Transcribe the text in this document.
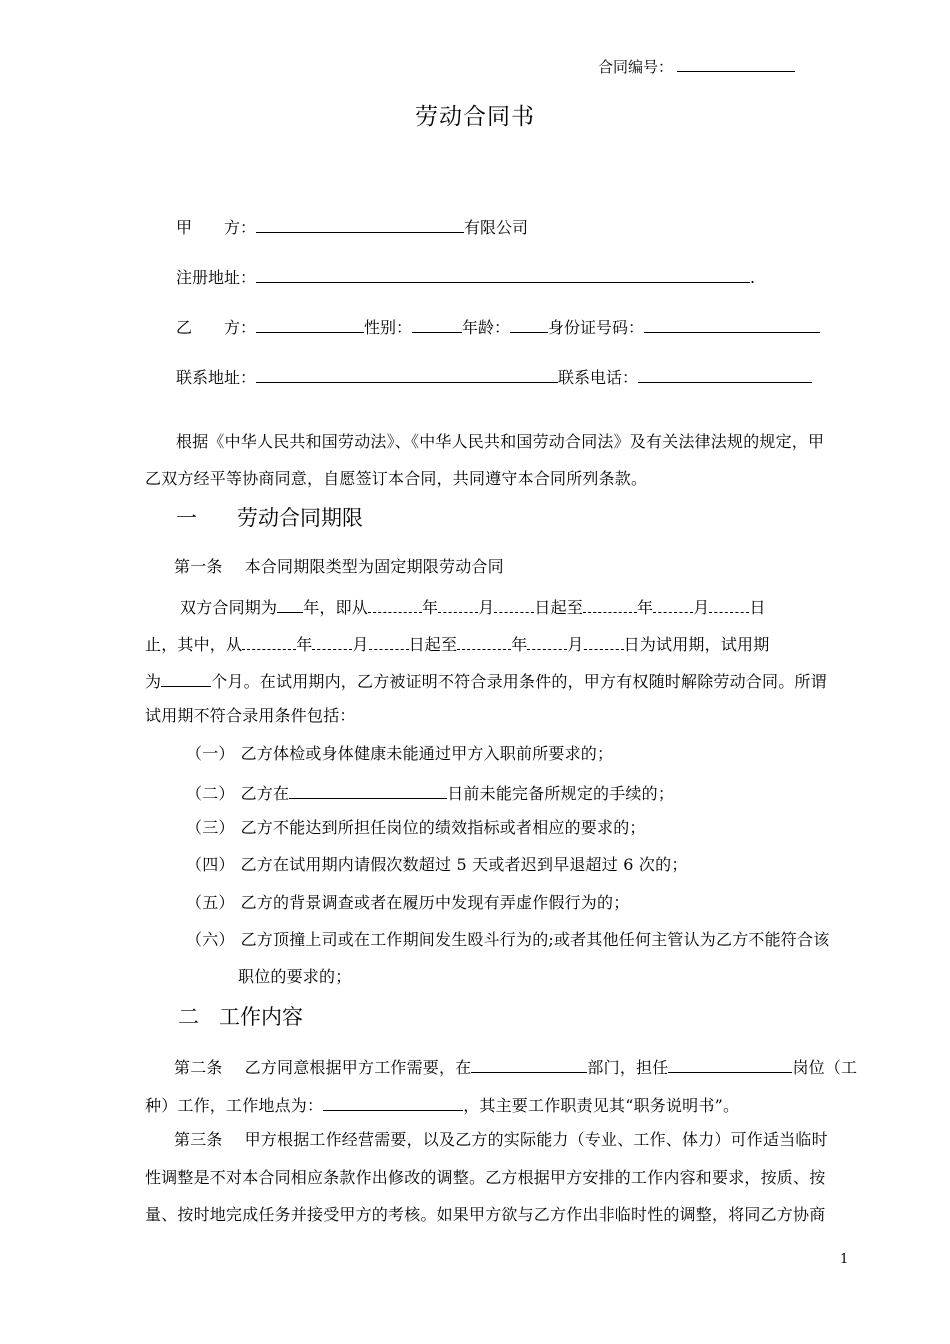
合同编号：
劳动合同书
甲　　方：	有限公司
注册地址：	.
乙　　方：	性别：	年龄： 身份证号码：
联系地址：	联系电话：
根据《中华人民共和国劳动法》、《中华人民共和国劳动合同法》及有关法律法规的规定，甲
乙双方经平等协商同意，自愿签订本合同，共同遵守本合同所列条款。
一 劳动合同期限
第一条 本合同期限类型为固定期限劳动合同
双方合同期为 年，即从	年	月	日起至	年	月	日
止，其中，从	年	月	日起至	年	月	日为试用期，试用期
为	个月。在试用期内，乙方被证明不符合录用条件的，甲方有权随时解除劳动合同。所谓
试用期不符合录用条件包括：
（一） 乙方体检或身体健康未能通过甲方入职前所要求的；
（二） 乙方在	日前未能完备所规定的手续的；
（三） 乙方不能达到所担任岗位的绩效指标或者相应的要求的；
（四） 乙方在试用期内请假次数超过 5 天或者迟到早退超过 6 次的；
（五） 乙方的背景调查或者在履历中发现有弄虚作假行为的；
（六） 乙方顶撞上司或在工作期间发生殴斗行为的;或者其他任何主管认为乙方不能符合该
职位的要求的；
二 工作内容
第二条 乙方同意根据甲方工作需要，在	部门，担任	岗位（工
种）工作，工作地点为：	，其主要工作职责见其“职务说明书”。
第三条 甲方根据工作经营需要，以及乙方的实际能力（专业、工作、体力）可作适当临时
性调整是不对本合同相应条款作出修改的调整。乙方根据甲方安排的工作内容和要求，按质、按
量、按时地完成任务并接受甲方的考核。如果甲方欲与乙方作出非临时性的调整，将同乙方协商
1
